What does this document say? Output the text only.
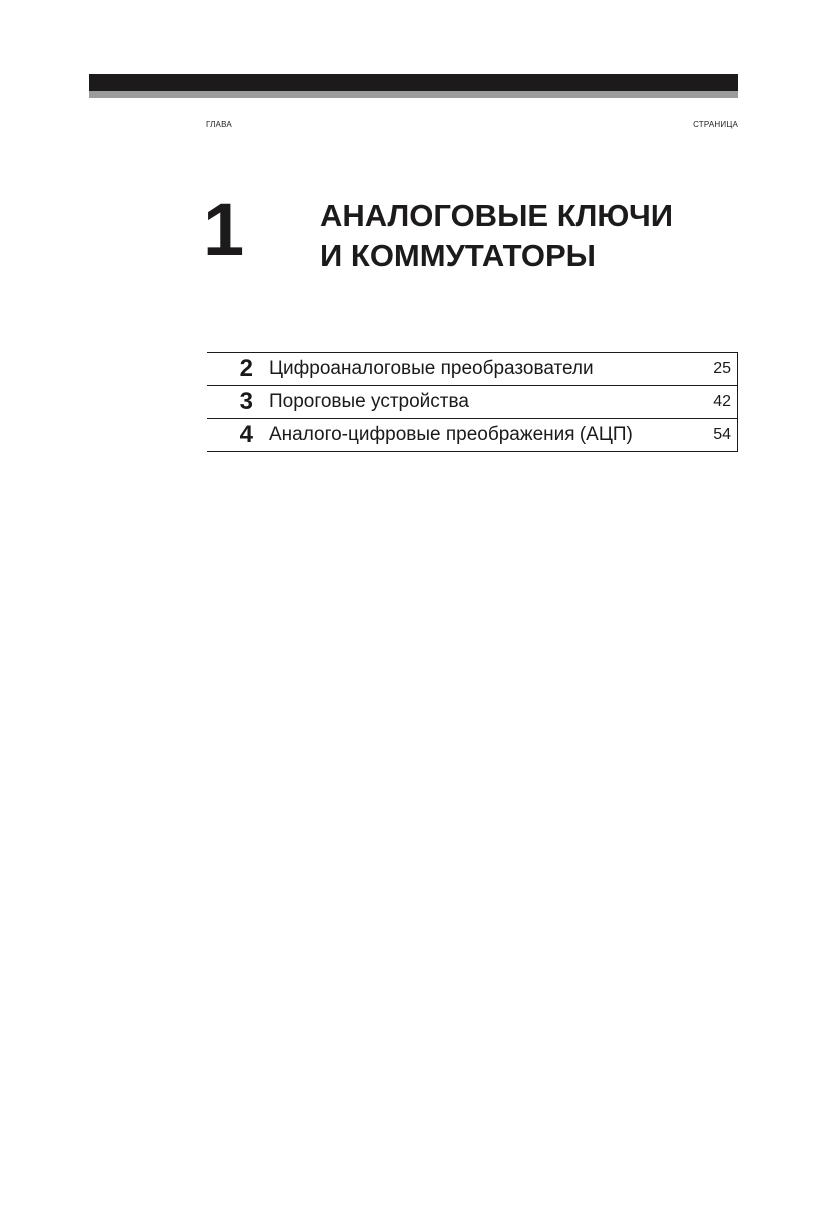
ГЛАВА	СТРАНИЦА
1 АНАЛОГОВЫЕ КЛЮЧИ
И КОММУТАТОРЫ
2	Цифроаналоговые преобразователи	25
3	Пороговые устройства	42
4	Аналого-цифровые преображения (АЦП)	54
